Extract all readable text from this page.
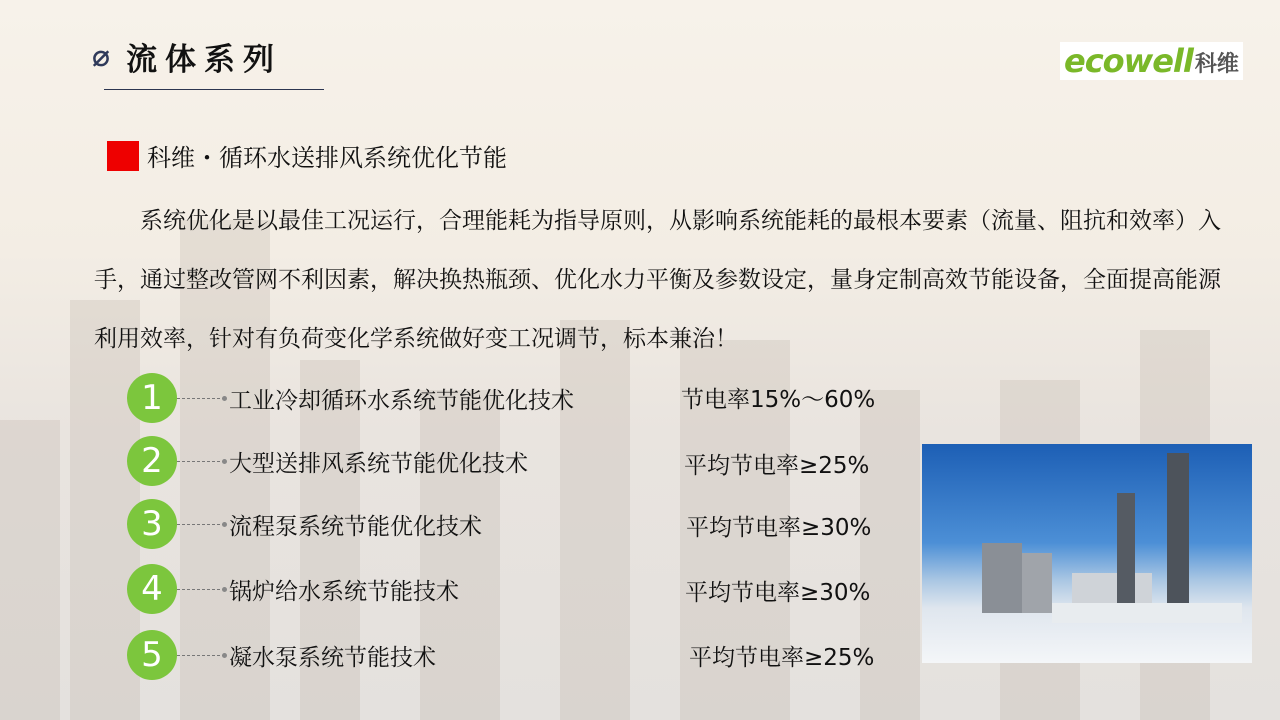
⌀ 流体系列	ecowell 科维
科维・循环水送排风系统优化节能
系统优化是以最佳工况运行，合理能耗为指导原则，从影响系统能耗的最根本要素（流量、阻抗和效率）入手，通过整改管网不利因素，解决换热瓶颈、优化水力平衡及参数设定，量身定制高效节能设备，全面提高能源利用效率，针对有负荷变化学系统做好变工况调节，标本兼治！
1	工业冷却循环水系统节能优化技术	节电率15%～60%
2	大型送排风系统节能优化技术	平均节电率≥25%
3	流程泵系统节能优化技术	平均节电率≥30%
4	锅炉给水系统节能技术	平均节电率≥30%
5	凝水泵系统节能技术	平均节电率≥25%
